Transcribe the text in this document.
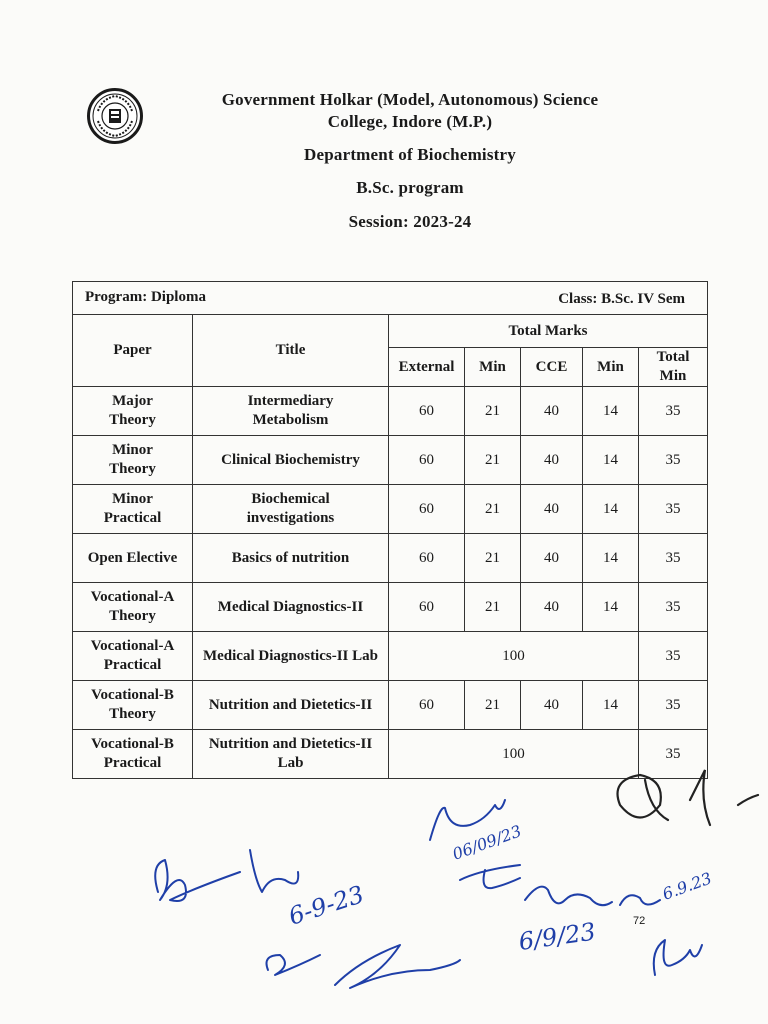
Government Holkar (Model, Autonomous) Science
College, Indore (M.P.)
Department of Biochemistry
B.Sc. program
Session: 2023-24
Program: Diploma Class: B.Sc. IV Sem						

Paper	Title	Total Marks				
		External	Min	CCE	Min	Total Min
Major Theory	Intermediary Metabolism	60	21	40	14	35
Minor Theory	Clinical Biochemistry	60	21	40	14	35
Minor Practical	Biochemical investigations	60	21	40	14	35
Open Elective	Basics of nutrition	60	21	40	14	35
Vocational-A Theory	Medical Diagnostics-II	60	21	40	14	35
Vocational-A Practical	Medical Diagnostics-II Lab	100				35
Vocational-B Theory	Nutrition and Dietetics-II	60	21	40	14	35
Vocational-B Practical	Nutrition and Dietetics-II Lab	100				35
6-9-23
06/09/23
6/9/23
6.9.23
72
